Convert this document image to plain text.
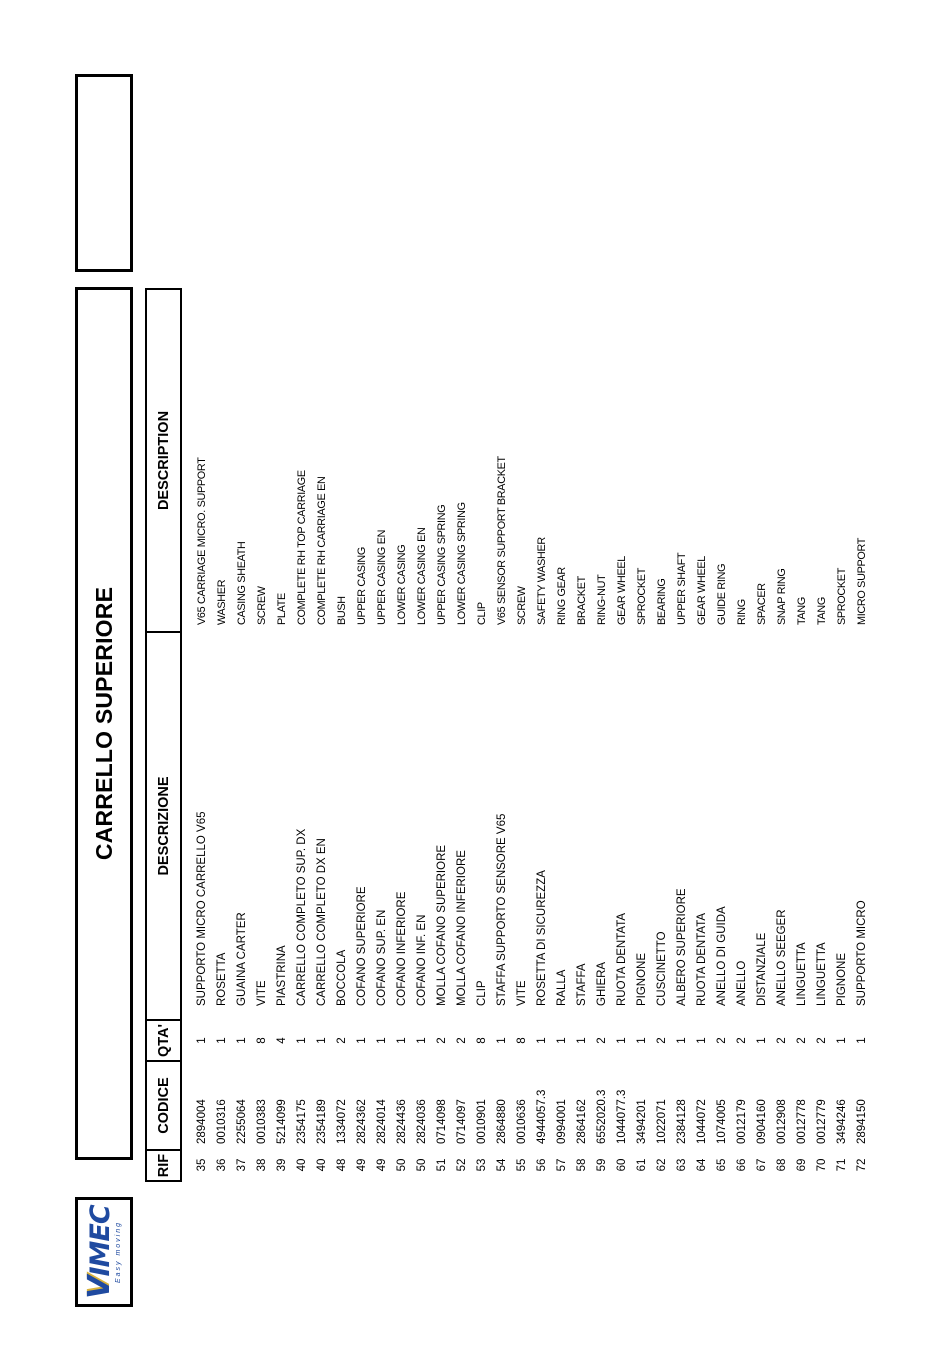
VIMEC Easy moving
CARRELLO SUPERIORE
RIF
CODICE
QTA'
DESCRIZIONE
DESCRIPTION
35
2894004
1
SUPPORTO MICRO CARRELLO V65
V65 CARRIAGE MICRO. SUPPORT
36
0010316
1
ROSETTA
WASHER
37
2255064
1
GUAINA CARTER
CASING SHEATH
38
0010383
8
VITE
SCREW
39
5214099
4
PIASTRINA
PLATE
40
2354175
1
CARRELLO COMPLETO SUP. DX
COMPLETE RH TOP CARRIAGE
40
2354189
1
CARRELLO COMPLETO DX EN
COMPLETE RH CARRIAGE EN
48
1334072
2
BOCCOLA
BUSH
49
2824362
1
COFANO SUPERIORE
UPPER CASING
49
2824014
1
COFANO SUP. EN
UPPER CASING EN
50
2824436
1
COFANO INFERIORE
LOWER CASING
50
2824036
1
COFANO INF. EN
LOWER CASING EN
51
0714098
2
MOLLA COFANO SUPERIORE
UPPER CASING SPRING
52
0714097
2
MOLLA COFANO INFERIORE
LOWER CASING SPRING
53
0010901
8
CLIP
CLIP
54
2864880
1
STAFFA SUPPORTO SENSORE V65
V65 SENSOR SUPPORT BRACKET
55
0010636
8
VITE
SCREW
56
4944057.3
1
ROSETTA DI SICUREZZA
SAFETY WASHER
57
0994001
1
RALLA
RING GEAR
58
2864162
1
STAFFA
BRACKET
59
6552020.3
2
GHIERA
RING-NUT
60
1044077.3
1
RUOTA DENTATA
GEAR WHEEL
61
3494201
1
PIGNONE
SPROCKET
62
1022071
2
CUSCINETTO
BEARING
63
2384128
1
ALBERO SUPERIORE
UPPER SHAFT
64
1044072
1
RUOTA DENTATA
GEAR WHEEL
65
1074005
2
ANELLO DI GUIDA
GUIDE RING
66
0012179
2
ANELLO
RING
67
0904160
1
DISTANZIALE
SPACER
68
0012908
2
ANELLO SEEGER
SNAP RING
69
0012778
2
LINGUETTA
TANG
70
0012779
2
LINGUETTA
TANG
71
3494246
1
PIGNONE
SPROCKET
72
2894150
1
SUPPORTO MICRO
MICRO SUPPORT
